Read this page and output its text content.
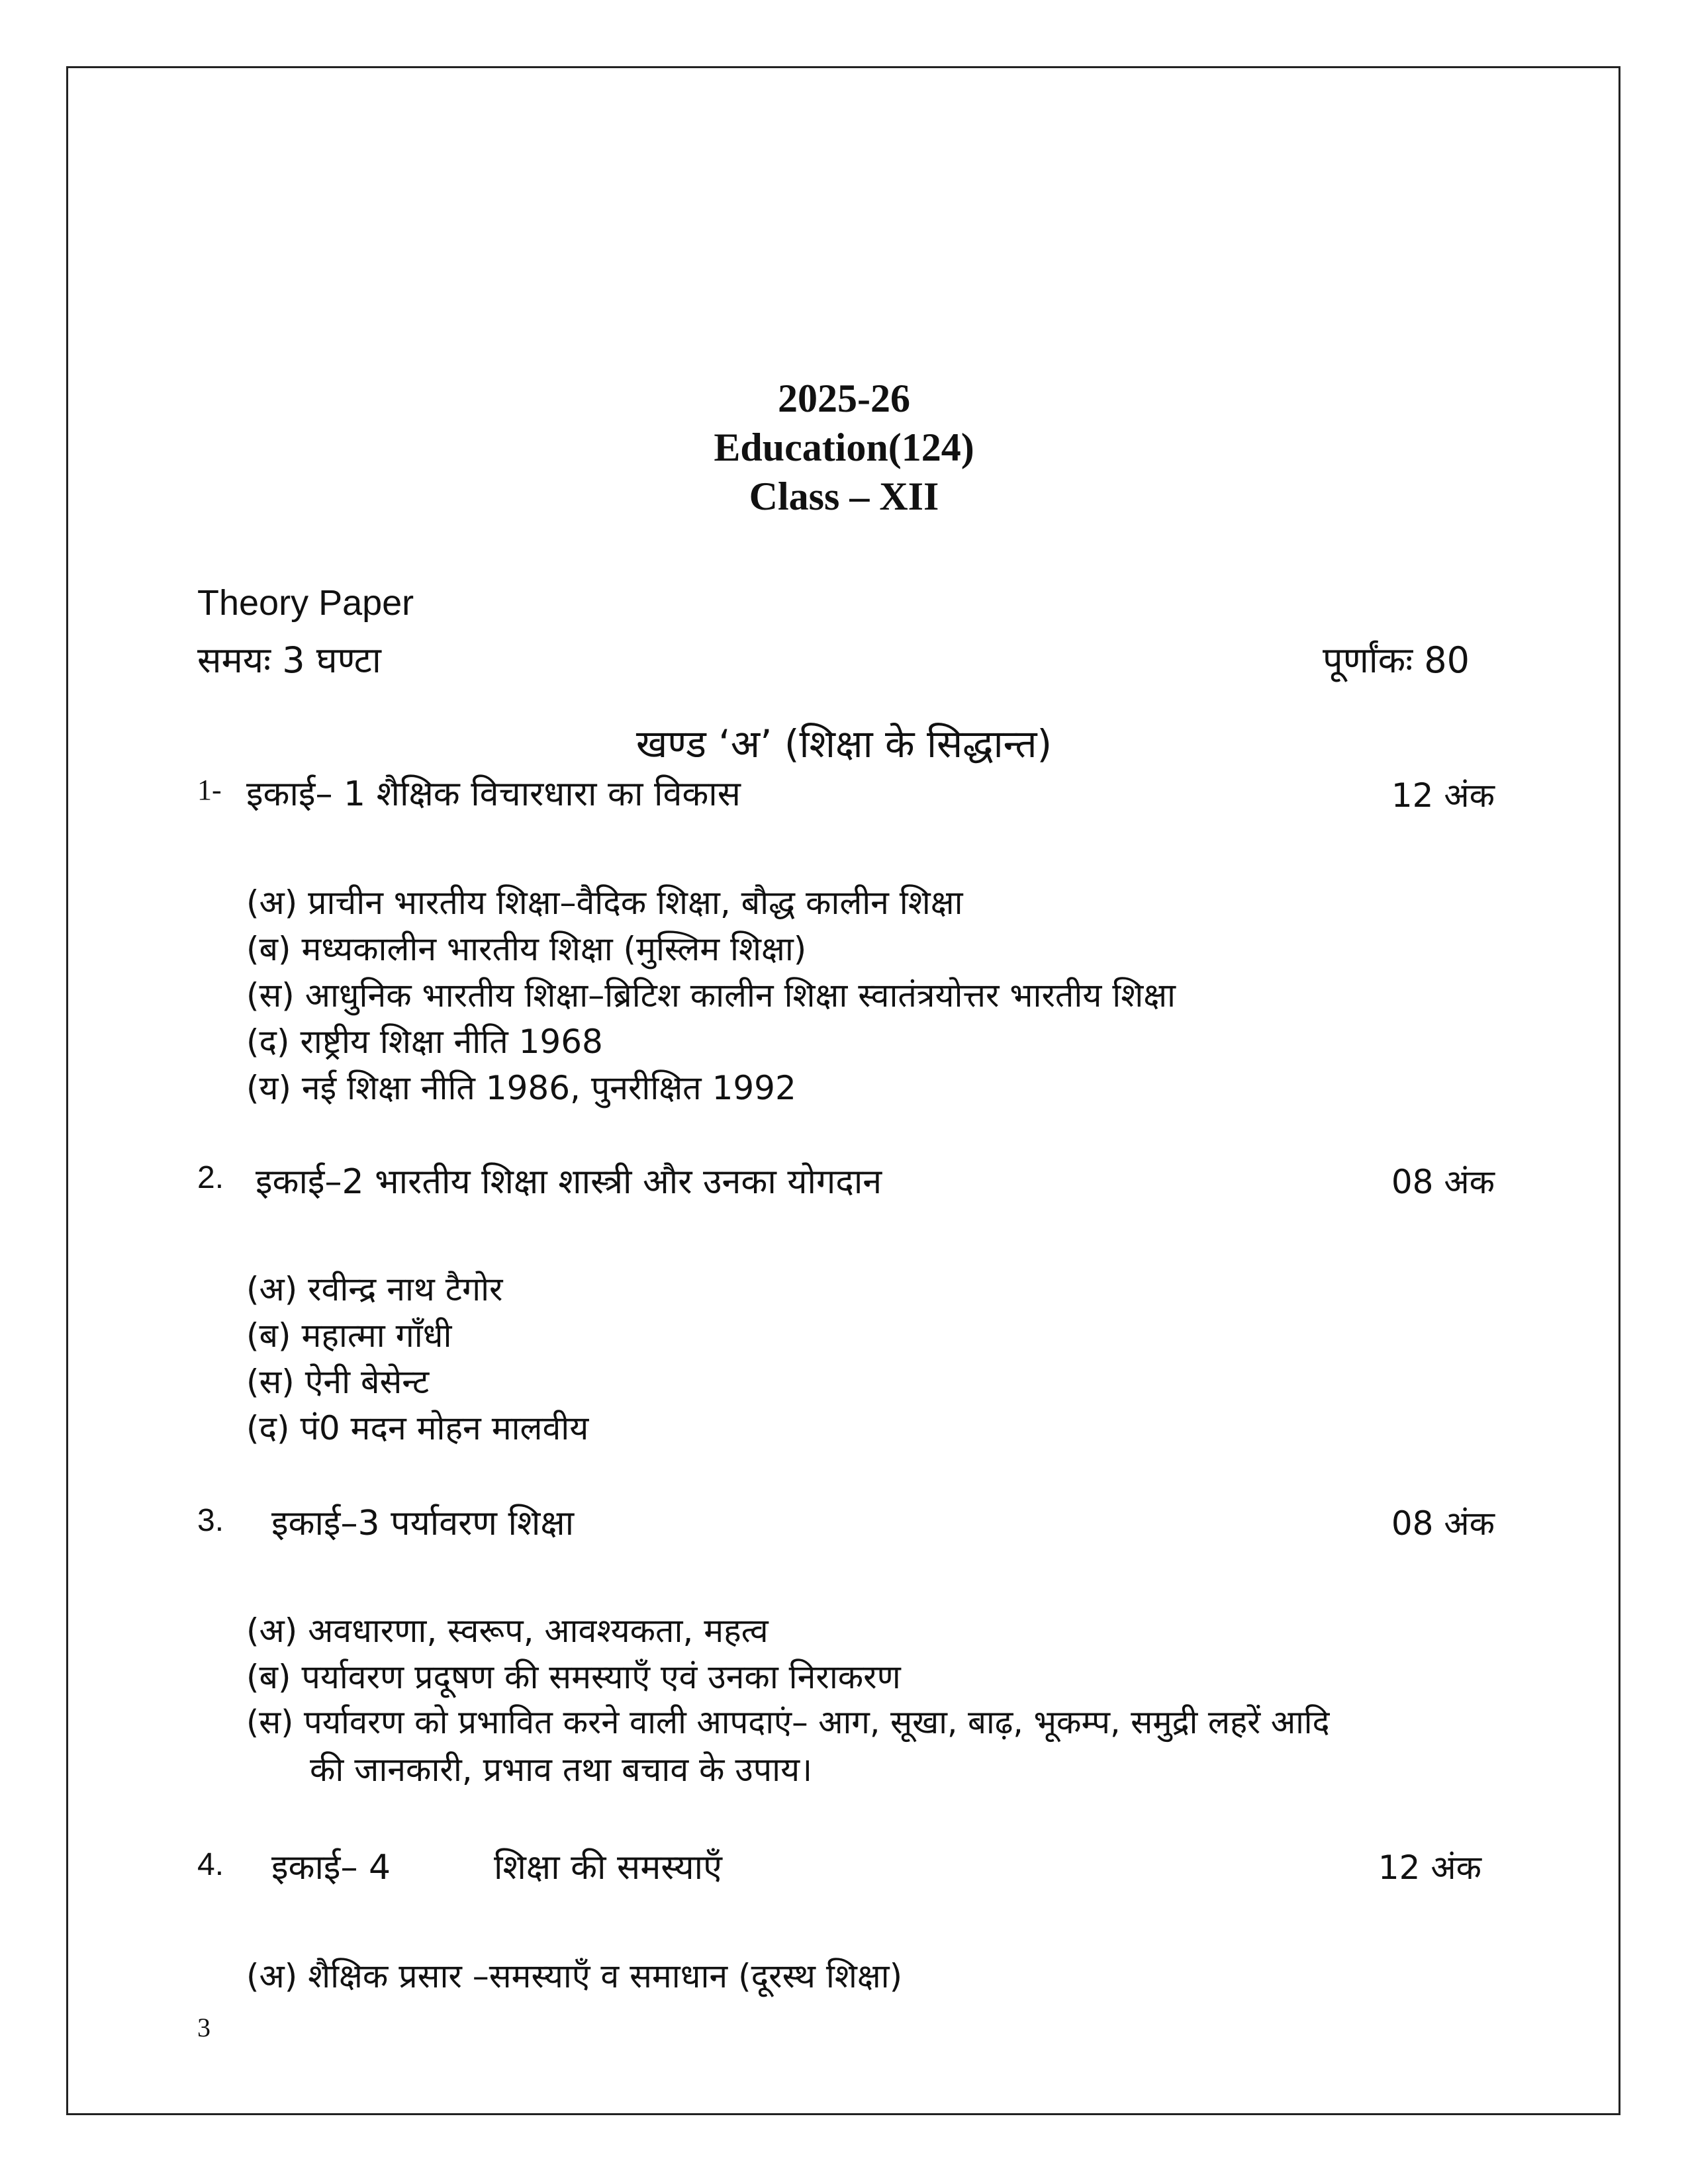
2025-26
Education(124)
Class – XII
Theory Paper
समयः 3 घण्टा	पूर्णांकः 80
खण्ड ‘अ’ (शिक्षा के सिद्धान्त)
1- इकाई– 1 शैक्षिक विचारधारा का विकास	12 अंक
(अ) प्राचीन भारतीय शिक्षा–वैदिक शिक्षा, बौद्ध कालीन शिक्षा
(ब) मध्यकालीन भारतीय शिक्षा (मुस्लिम शिक्षा)
(स) आधुनिक भारतीय शिक्षा–ब्रिटिश कालीन शिक्षा स्वातंत्रयोत्तर भारतीय शिक्षा
(द) राष्ट्रीय शिक्षा नीति 1968
(य) नई शिक्षा नीति 1986, पुनरीक्षित 1992
2. इकाई–2 भारतीय शिक्षा शास्त्री और उनका योगदान	08 अंक
(अ) रवीन्द्र नाथ टैगोर
(ब) महात्मा गाँधी
(स) ऐनी बेसेन्ट
(द) पं0 मदन मोहन मालवीय
3. इकाई–3 पर्यावरण शिक्षा	08 अंक
(अ) अवधारणा, स्वरूप, आवश्यकता, महत्व
(ब) पर्यावरण प्रदूषण की समस्याएँ एवं उनका निराकरण
(स) पर्यावरण को प्रभावित करने वाली आपदाएं– आग, सूखा, बाढ़, भूकम्प, समुद्री लहरें आदि
की जानकारी, प्रभाव तथा बचाव के उपाय।
4. इकाई– 4	शिक्षा की समस्याएँ	12 अंक
(अ) शैक्षिक प्रसार –समस्याएँ व समाधान (दूरस्थ शिक्षा)
3
